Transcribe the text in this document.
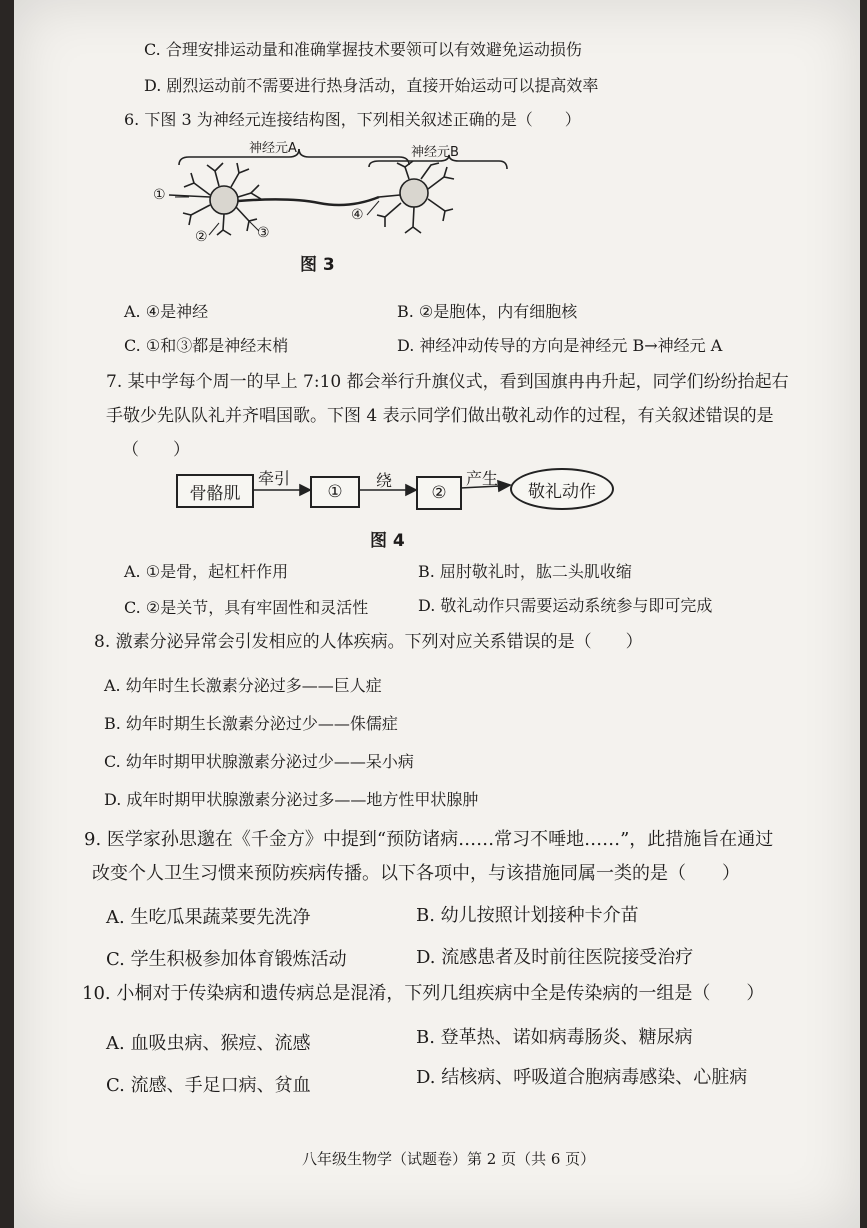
C. 合理安排运动量和准确掌握技术要领可以有效避免运动损伤
D. 剧烈运动前不需要进行热身活动，直接开始运动可以提高效率
6. 下图 3 为神经元连接结构图，下列相关叙述正确的是（　　）
神经元A	神经元B
①
②	③
④
图 3
A. ④是神经	B. ②是胞体，内有细胞核
C. ①和③都是神经末梢	D. 神经冲动传导的方向是神经元 B→神经元 A
7. 某中学每个周一的早上 7:10 都会举行升旗仪式，看到国旗冉冉升起，同学们纷纷抬起右
手敬少先队队礼并齐唱国歌。下图 4 表示同学们做出敬礼动作的过程，有关叙述错误的是
（　　）
骨骼肌
牵引
①
绕
②
产生
敬礼动作
图 4
A. ①是骨，起杠杆作用	B. 屈肘敬礼时，肱二头肌收缩
C. ②是关节，具有牢固性和灵活性	D. 敬礼动作只需要运动系统参与即可完成
8. 激素分泌异常会引发相应的人体疾病。下列对应关系错误的是（　　）
A. 幼年时生长激素分泌过多——巨人症
B. 幼年时期生长激素分泌过少——侏儒症
C. 幼年时期甲状腺激素分泌过少——呆小病
D. 成年时期甲状腺激素分泌过多——地方性甲状腺肿
9. 医学家孙思邈在《千金方》中提到“预防诸病……常习不唾地……”，此措施旨在通过
改变个人卫生习惯来预防疾病传播。以下各项中，与该措施同属一类的是（　　）
A. 生吃瓜果蔬菜要先洗净	B. 幼儿按照计划接种卡介苗
C. 学生积极参加体育锻炼活动	D. 流感患者及时前往医院接受治疗
10. 小桐对于传染病和遗传病总是混淆，下列几组疾病中全是传染病的一组是（　　）
A. 血吸虫病、猴痘、流感	B. 登革热、诺如病毒肠炎、糖尿病
C. 流感、手足口病、贫血	D. 结核病、呼吸道合胞病毒感染、心脏病
八年级生物学（试题卷）第 2 页（共 6 页）
